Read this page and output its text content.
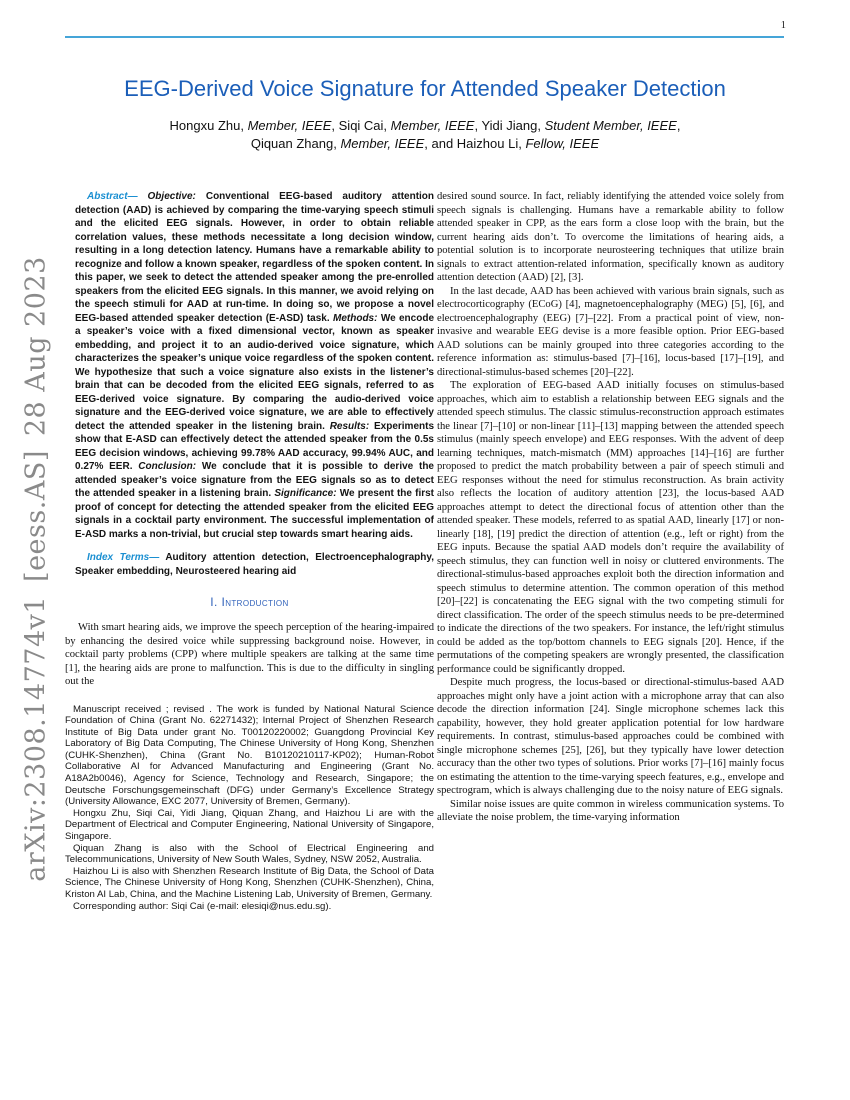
1
arXiv:2308.14774v1 [eess.AS] 28 Aug 2023
EEG-Derived Voice Signature for Attended Speaker Detection
Hongxu Zhu, Member, IEEE, Siqi Cai, Member, IEEE, Yidi Jiang, Student Member, IEEE,
Qiquan Zhang, Member, IEEE, and Haizhou Li, Fellow, IEEE

Abstract— Objective: Conventional EEG-based auditory attention detection (AAD) is achieved by comparing the time-varying speech stimuli and the elicited EEG signals. However, in order to obtain reliable correlation values, these methods necessitate a long decision window, resulting in a long detection latency. Humans have a remarkable ability to recognize and follow a known speaker, regardless of the spoken content. In this paper, we seek to detect the attended speaker among the pre-enrolled speakers from the elicited EEG signals. In this manner, we avoid relying on the speech stimuli for AAD at run-time. In doing so, we propose a novel EEG-based attended speaker detection (E-ASD) task. Methods: We encode a speaker’s voice with a fixed dimensional vector, known as speaker embedding, and project it to an audio-derived voice signature, which characterizes the speaker’s unique voice regardless of the spoken content. We hypothesize that such a voice signature also exists in the listener’s brain that can be decoded from the elicited EEG signals, referred to as EEG-derived voice signature. By comparing the audio-derived voice signature and the EEG-derived voice signature, we are able to effectively detect the attended speaker in the listening brain. Results: Experiments show that E-ASD can effectively detect the attended speaker from the 0.5s EEG decision windows, achieving 99.78% AAD accuracy, 99.94% AUC, and 0.27% EER. Conclusion: We conclude that it is possible to derive the attended speaker’s voice signature from the EEG signals so as to detect the attended speaker in a listening brain. Significance: We present the first proof of concept for detecting the attended speaker from the elicited EEG signals in a cocktail party environment. The successful implementation of E-ASD marks a non-trivial, but crucial step towards smart hearing aids.

Index Terms— Auditory attention detection, Electroencephalography, Speaker embedding, Neurosteered hearing aid

I. Introduction

With smart hearing aids, we improve the speech perception of the hearing-impaired by enhancing the desired voice while suppressing background noise. However, in cocktail party problems (CPP) where multiple speakers are talking at the same time [1], the hearing aids are prone to malfunction. This is due to the difficulty in singling out the

Manuscript received ; revised . The work is funded by National Natural Science Foundation of China (Grant No. 62271432); Internal Project of Shenzhen Research Institute of Big Data under grant No. T00120220002; Guangdong Provincial Key Laboratory of Big Data Computing, The Chinese University of Hong Kong, Shenzhen (CUHK-Shenzhen), China (Grant No. B10120210117-KP02); Human-Robot Collaborative AI for Advanced Manufacturing and Engineering (Grant No. A18A2b0046), Agency for Science, Technology and Research, Singapore; the Deutsche Forschungsgemeinschaft (DFG) under Germany’s Excellence Strategy (University Allowance, EXC 2077, University of Bremen, Germany).

Hongxu Zhu, Siqi Cai, Yidi Jiang, Qiquan Zhang, and Haizhou Li are with the Department of Electrical and Computer Engineering, National University of Singapore, Singapore.

Qiquan Zhang is also with the School of Electrical Engineering and Telecommunications, University of New South Wales, Sydney, NSW 2052, Australia.

Haizhou Li is also with Shenzhen Research Institute of Big Data, the School of Data Science, The Chinese University of Hong Kong, Shenzhen (CUHK-Shenzhen), China, Kriston AI Lab, China, and the Machine Listening Lab, University of Bremen, Germany.

Corresponding author: Siqi Cai (e-mail: elesiqi@nus.edu.sg).

desired sound source. In fact, reliably identifying the attended voice solely from speech signals is challenging. Humans have a remarkable ability to follow attended speaker in CPP, as the ears form a close loop with the brain, but the current hearing aids don’t. To overcome the limitations of hearing aids, a potential solution is to incorporate neurosteering techniques that utilize brain signals to extract attention-related information, specifically known as auditory attention detection (AAD) [2], [3].

In the last decade, AAD has been achieved with various brain signals, such as electrocorticography (ECoG) [4], magnetoencephalography (MEG) [5], [6], and electroencephalography (EEG) [7]–[22]. From a practical point of view, non-invasive and wearable EEG devise is a more feasible option. Prior EEG-based AAD solutions can be mainly grouped into three categories according to the reference information as: stimulus-based [7]–[16], locus-based [17]–[19], and directional-stimulus-based schemes [20]–[22].

The exploration of EEG-based AAD initially focuses on stimulus-based approaches, which aim to establish a relationship between EEG signals and the attended speech stimulus. The classic stimulus-reconstruction approach estimates the linear [7]–[10] or non-linear [11]–[13] mapping between the attended speech stimulus (mainly speech envelope) and EEG responses. With the advent of deep learning techniques, match-mismatch (MM) approaches [14]–[16] are further proposed to predict the match probability between a pair of speech stimuli and EEG responses without the need for stimulus reconstruction. As brain activity also reflects the location of auditory attention [23], the locus-based AAD approaches attempt to detect the directional focus of attention other than the attended speaker. These models, referred to as spatial AAD, linearly [17] or non-linearly [18], [19] predict the direction of attention (e.g., left or right) from the EEG inputs. Because the spatial AAD models don’t require the availability of speech stimulus, they can function well in noisy or cluttered environments. The directional-stimulus-based approaches exploit both the direction information and speech stimulus to determine attention. The common operation of this method [20]–[22] is concatenating the EEG signal with the two competing stimuli for direct classification. The order of the speech stimulus needs to be pre-determined to indicate the directions of the two speakers. For instance, the left/right stimulus could be added as the top/bottom channels to EEG signals [20]. Hence, if the permutations of the competing speakers are wrongly presented, the classification performance could be significantly dropped.

Despite much progress, the locus-based or directional-stimulus-based AAD approaches might only have a joint action with a microphone array that can also decode the direction information [24]. Single microphone schemes lack this capability, however, they hold greater application potential for low hardware requirements. In contrast, stimulus-based approaches could be combined with single microphone schemes [25], [26], but they typically have lower detection accuracy than the other two types of solutions. Prior works [7]–[16] mainly focus on estimating the attention to the time-varying speech features, e.g., envelope and spectrogram, which is always challenging due to the noisy nature of EEG signals.

Similar noise issues are quite common in wireless communication systems. To alleviate the noise problem, the time-varying information
